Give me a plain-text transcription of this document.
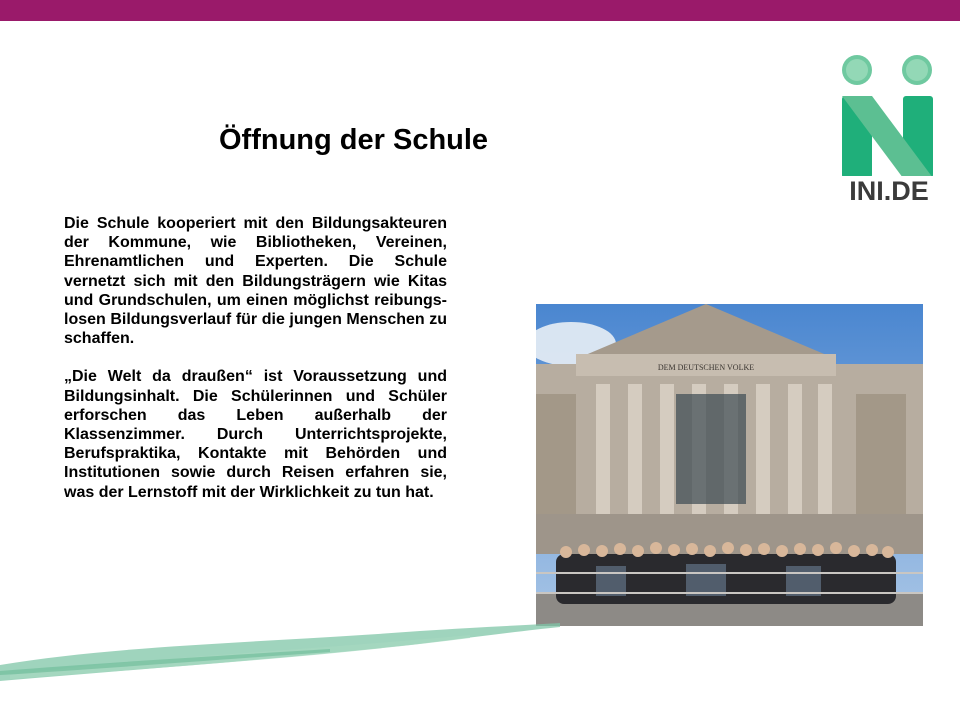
INI.DE
Öffnung der Schule

Die Schule kooperiert mit den Bildungsakteuren der Kommune, wie Bibliotheken, Vereinen, Ehrenamtlichen und Experten. Die Schule vernetzt sich mit den Bildungsträgern wie Kitas und Grundschulen, um einen möglichst reibungslosen Bildungsverlauf für die jungen Menschen zu schaffen.

„Die Welt da draußen“ ist Voraussetzung und Bildungsinhalt. Die Schülerinnen und Schüler erforschen das Leben außerhalb der Klassenzimmer. Durch Unterrichtsprojekte, Berufspraktika, Kontakte mit Behörden und Institutionen sowie durch Reisen erfahren sie, was der Lernstoff mit der Wirklichkeit zu tun hat.

DEM DEUTSCHEN VOLKE
